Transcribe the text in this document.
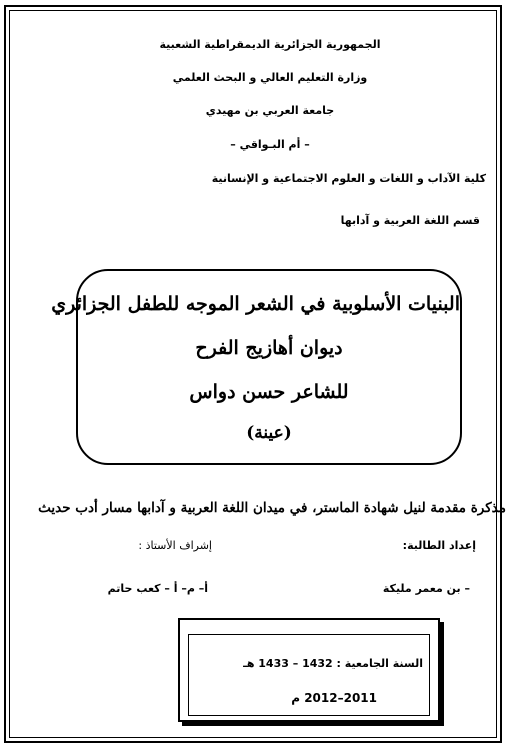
الجمهورية الجزائرية الديمقراطية الشعبية
وزارة التعليم العالي و البحث العلمي
جامعة العربي بن مهيدي
– أم البـواقي –
كلية الآداب و اللغات و العلوم الاجتماعية و الإنسانية
قسم اللغة العربية و آدابها
البنيات الأسلوبية في الشعر الموجه للطفل الجزائري
ديوان أهازيج الفرح
للشاعر حسن دواس
(عينة)
مذكرة مقدمة لنيل شهادة الماستر، في ميدان اللغة العربية و آدابها مسار أدب حديث
إعداد الطالبة:
إشراف الأستاذ :
– بن معمر مليكة
أ– م– أ – كعب حاتم
السنة الجامعية : 1432 – 1433 هـ
2011–2012 م
